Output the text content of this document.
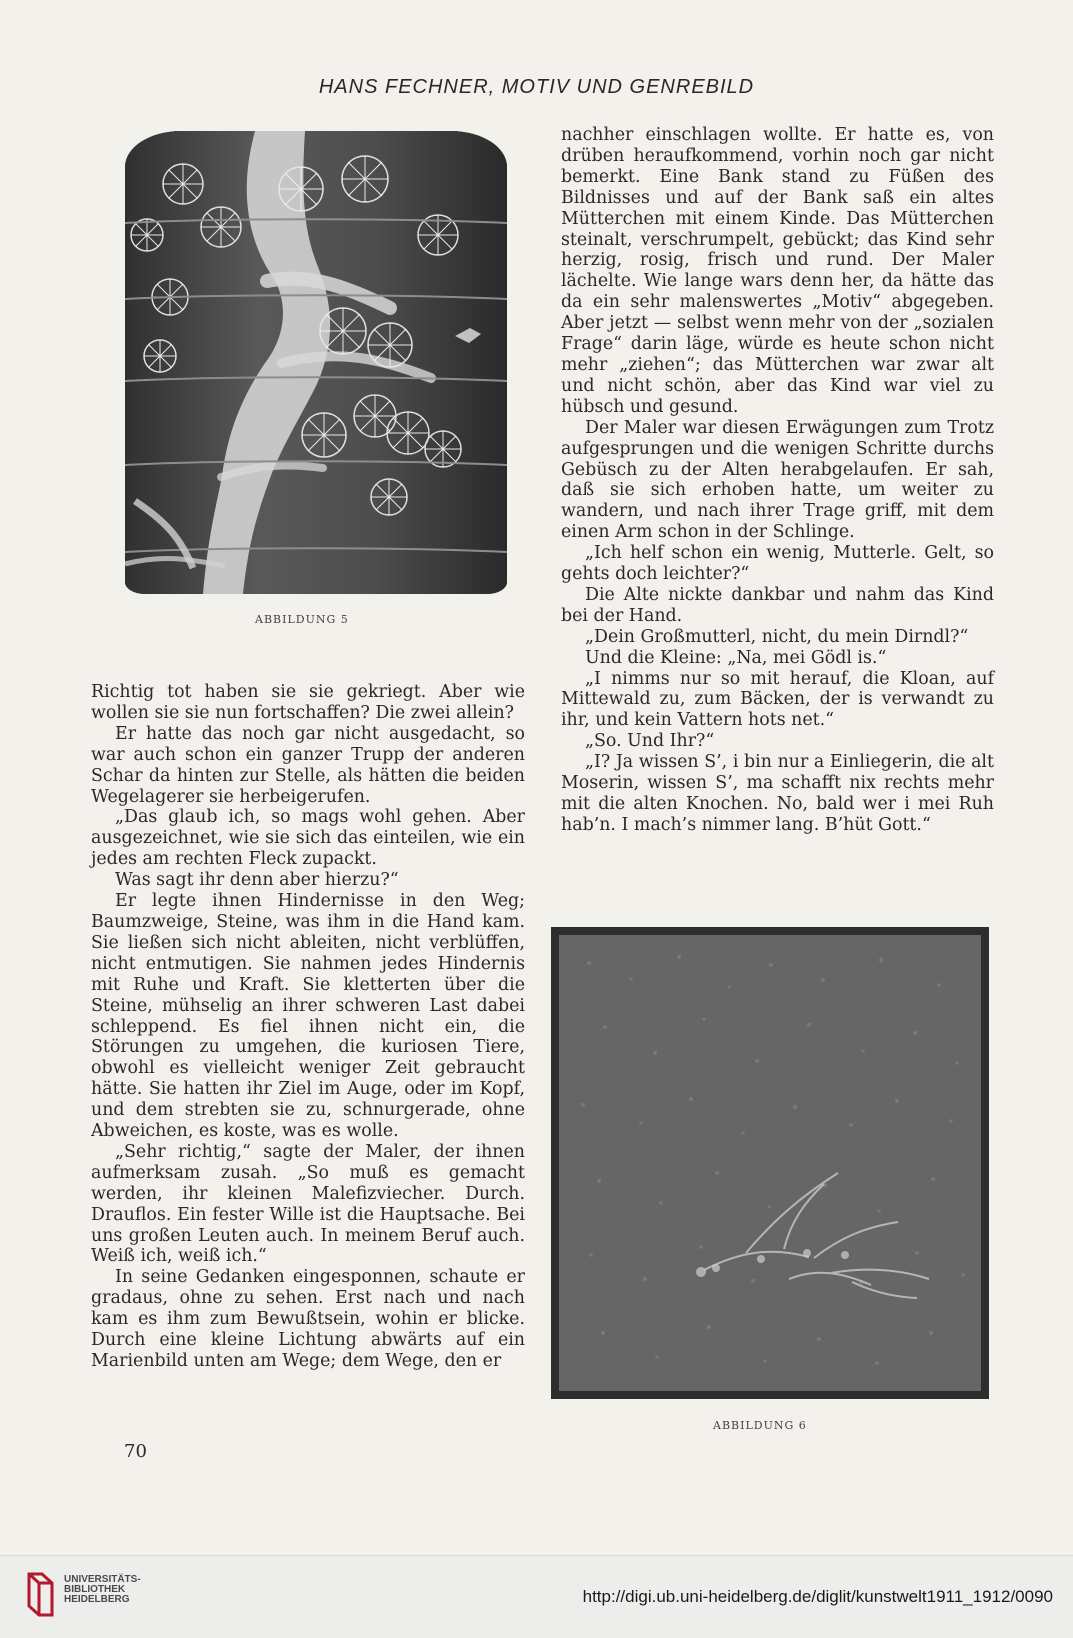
HANS FECHNER, MOTIV UND GENREBILD
ABBILDUNG 5

Richtig tot haben sie sie gekriegt. Aber wie wollen sie sie nun fortschaffen? Die zwei allein?

Er hatte das noch gar nicht ausgedacht, so war auch schon ein ganzer Trupp der anderen Schar da hinten zur Stelle, als hätten die beiden Wegelagerer sie herbeigerufen.

„Das glaub ich, so mags wohl gehen. Aber ausgezeichnet, wie sie sich das einteilen, wie ein jedes am rechten Fleck zupackt.

Was sagt ihr denn aber hierzu?“

Er legte ihnen Hindernisse in den Weg; Baumzweige, Steine, was ihm in die Hand kam. Sie ließen sich nicht ableiten, nicht verblüffen, nicht entmutigen. Sie nahmen jedes Hindernis mit Ruhe und Kraft. Sie kletterten über die Steine, mühselig an ihrer schweren Last dabei schleppend. Es fiel ihnen nicht ein, die Störungen zu umgehen, die kuriosen Tiere, obwohl es vielleicht weniger Zeit gebraucht hätte. Sie hatten ihr Ziel im Auge, oder im Kopf, und dem strebten sie zu, schnurgerade, ohne Abweichen, es koste, was es wolle.

„Sehr richtig,“ sagte der Maler, der ihnen aufmerksam zusah. „So muß es gemacht werden, ihr kleinen Malefizviecher. Durch. Drauflos. Ein fester Wille ist die Hauptsache. Bei uns großen Leuten auch. In meinem Beruf auch. Weiß ich, weiß ich.“

In seine Gedanken eingesponnen, schaute er gradaus, ohne zu sehen. Erst nach und nach kam es ihm zum Bewußtsein, wohin er blicke. Durch eine kleine Lichtung abwärts auf ein Marienbild unten am Wege; dem Wege, den er

nachher einschlagen wollte. Er hatte es, von drüben heraufkommend, vorhin noch gar nicht bemerkt. Eine Bank stand zu Füßen des Bildnisses und auf der Bank saß ein altes Mütterchen mit einem Kinde. Das Mütterchen steinalt, verschrumpelt, gebückt; das Kind sehr herzig, rosig, frisch und rund. Der Maler lächelte. Wie lange wars denn her, da hätte das da ein sehr malenswertes „Motiv“ abgegeben. Aber jetzt — selbst wenn mehr von der „sozialen Frage“ darin läge, würde es heute schon nicht mehr „ziehen“; das Mütterchen war zwar alt und nicht schön, aber das Kind war viel zu hübsch und gesund.

Der Maler war diesen Erwägungen zum Trotz aufgesprungen und die wenigen Schritte durchs Gebüsch zu der Alten herabgelaufen. Er sah, daß sie sich erhoben hatte, um weiter zu wandern, und nach ihrer Trage griff, mit dem einen Arm schon in der Schlinge.

„Ich helf schon ein wenig, Mutterle. Gelt, so gehts doch leichter?“

Die Alte nickte dankbar und nahm das Kind bei der Hand.

„Dein Großmutterl, nicht, du mein Dirndl?“

Und die Kleine: „Na, mei Gödl is.“

„I nimms nur so mit herauf, die Kloan, auf Mittewald zu, zum Bäcken, der is verwandt zu ihr, und kein Vattern hots net.“

„So. Und Ihr?“

„I? Ja wissen S’, i bin nur a Einliegerin, die alt Moserin, wissen S’, ma schafft nix rechts mehr mit die alten Knochen. No, bald wer i mei Ruh hab’n. I mach’s nimmer lang. B’hüt Gott.“

ABBILDUNG 6
70
UNIVERSITÄTS-
BIBLIOTHEK
HEIDELBERG	http://digi.ub.uni-heidelberg.de/diglit/kunstwelt1911_1912/0090
